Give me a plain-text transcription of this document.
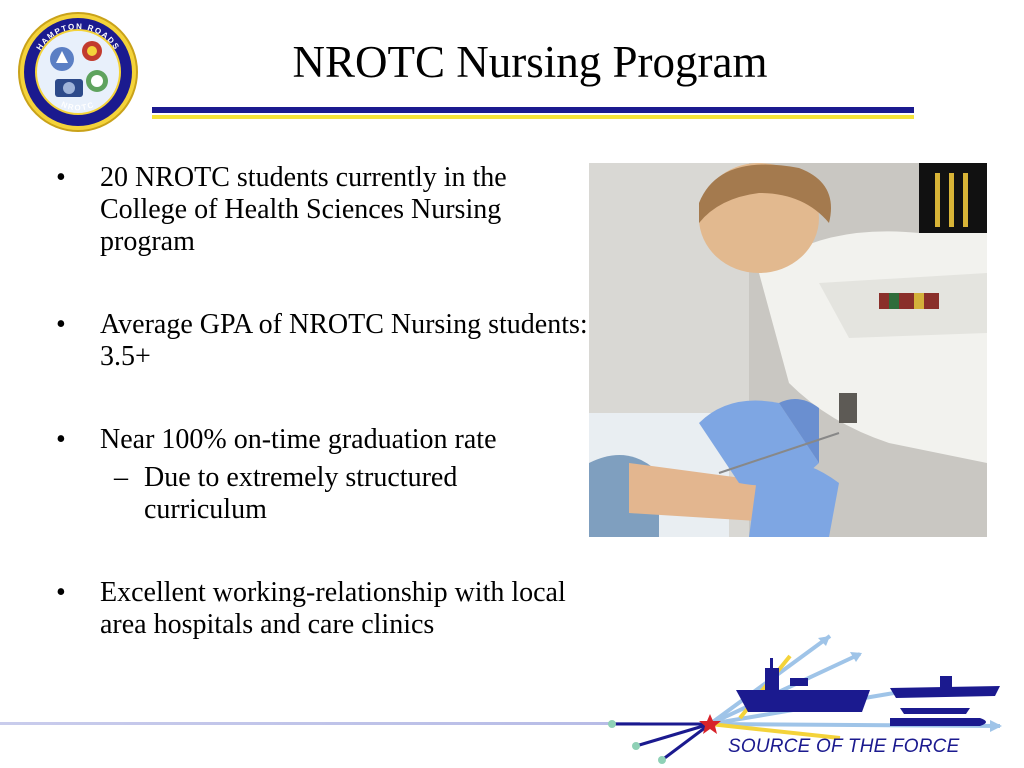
HAMPTON ROADS
NROTC
NROTC Nursing Program
• 20 NROTC students currently in the College of Health Sciences Nursing program
• Average GPA of NROTC Nursing students: 3.5+
• Near 100% on-time graduation rate
– Due to extremely structured curriculum
• Excellent working-relationship with local area hospitals and care clinics
SOURCE OF THE FORCE
